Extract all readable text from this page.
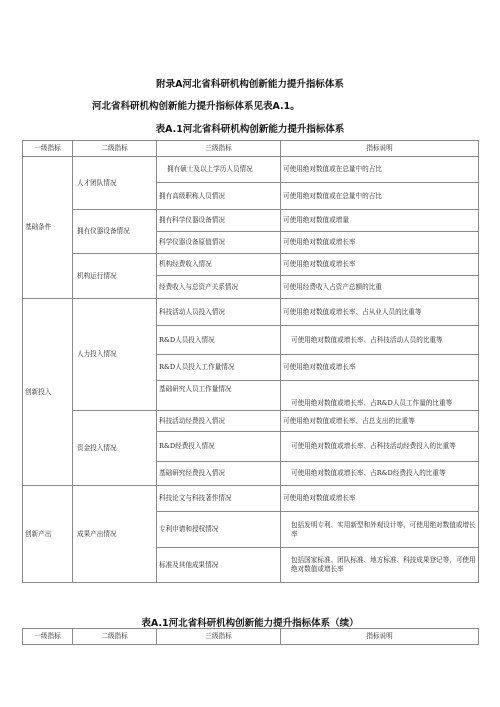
附录A河北省科研机构创新能力提升指标体系
河北省科研机构创新能力提升指标体系见表A.1。
表A.1河北省科研机构创新能力提升指标体系
一级指标	二级指标	三级指标	指标说明
基础条件	人才团队情况	拥有硕士及以上学历人员情况	可使用绝对数值或在总量中的占比
		拥有高级职称人员情况	可使用绝对数值或在总量中的占比
	拥有仪器设备情况	拥有科学仪器设备情况	可使用绝对数值或增量
		科学仪器设备原值情况	可使用绝对数值或增长率
	机构运行情况	机构经费收入情况	可使用绝对数值或增长率
		经费收入与总资产关系情况	可使用经费收入占资产总额的比重
创新投入	人力投入情况	科技活动人员投入情况	可使用绝对数值或增长率、占从业人员的比重等
		R&D人员投入情况	可使用绝对数值或增长率、占科技活动人员的比重等
		R&D人员投入工作量情况	可使用绝对数值或增长率
		基础研究人员工作量情况	可使用绝对数值或增长率、占R&D人员工作量的比重等
	资金投入情况	科技活动经费投入情况	可使用绝对数值或增长率、占总支出的比重等
		R&D经费投入情况	可使用绝对数值或增长率、占科技活动经费投入的比重等
		基础研究经费投入情况	可使用绝对数值或增长率、占R&D经费投入的比重等
创新产出	成果产出情况	科技论文与科技著作情况	可使用绝对数值或增长率
		专利申请和授权情况	包括发明专利、实用新型和外观设计等，可使用绝对数值或增长率
		标准及其他成果情况	包括国家标准、团队标准、地方标准、科技成果登记等，可使用绝对数值或增长率
表A.1河北省科研机构创新能力提升指标体系（续）
一级指标	二级指标	三级指标	指标说明
